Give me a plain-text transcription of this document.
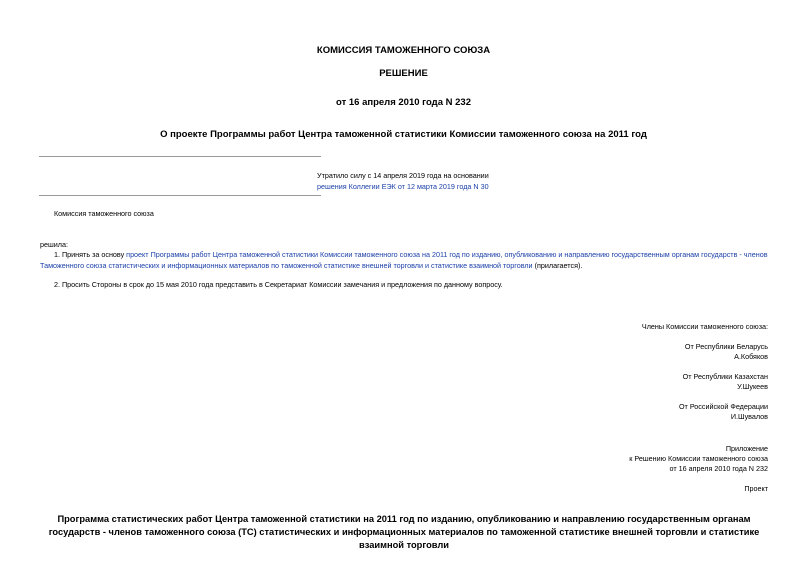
КОМИССИЯ ТАМОЖЕННОГО СОЮЗА
РЕШЕНИЕ
от 16 апреля 2010 года N 232
О проекте Программы работ Центра таможенной статистики Комиссии таможенного союза на 2011 год
Утратило силу с 14 апреля 2019 года на основании
решения Коллегии ЕЭК от 12 марта 2019 года N 30
Комиссия таможенного союза
решила:
1. Принять за основу проект Программы работ Центра таможенной статистики Комиссии таможенного союза на 2011 год по изданию, опубликованию и направлению государственным органам государств - членов Таможенного союза статистических и информационных материалов по таможенной статистике внешней торговли и статистике взаимной торговли (прилагается).
2. Просить Стороны в срок до 15 мая 2010 года представить в Секретариат Комиссии замечания и предложения по данному вопросу.
Члены Комиссии таможенного союза:
От Республики Беларусь
А.Кобяков
От Республики Казахстан
У.Шукеев
От Российской Федерации
И.Шувалов
Приложение
к Решению Комиссии таможенного союза
от 16 апреля 2010 года N 232
Проект
Программа статистических работ Центра таможенной статистики на 2011 год по изданию, опубликованию и направлению государственным органам государств - членов таможенного союза (ТС) статистических и информационных материалов по таможенной статистике внешней торговли и статистике взаимной торговли
